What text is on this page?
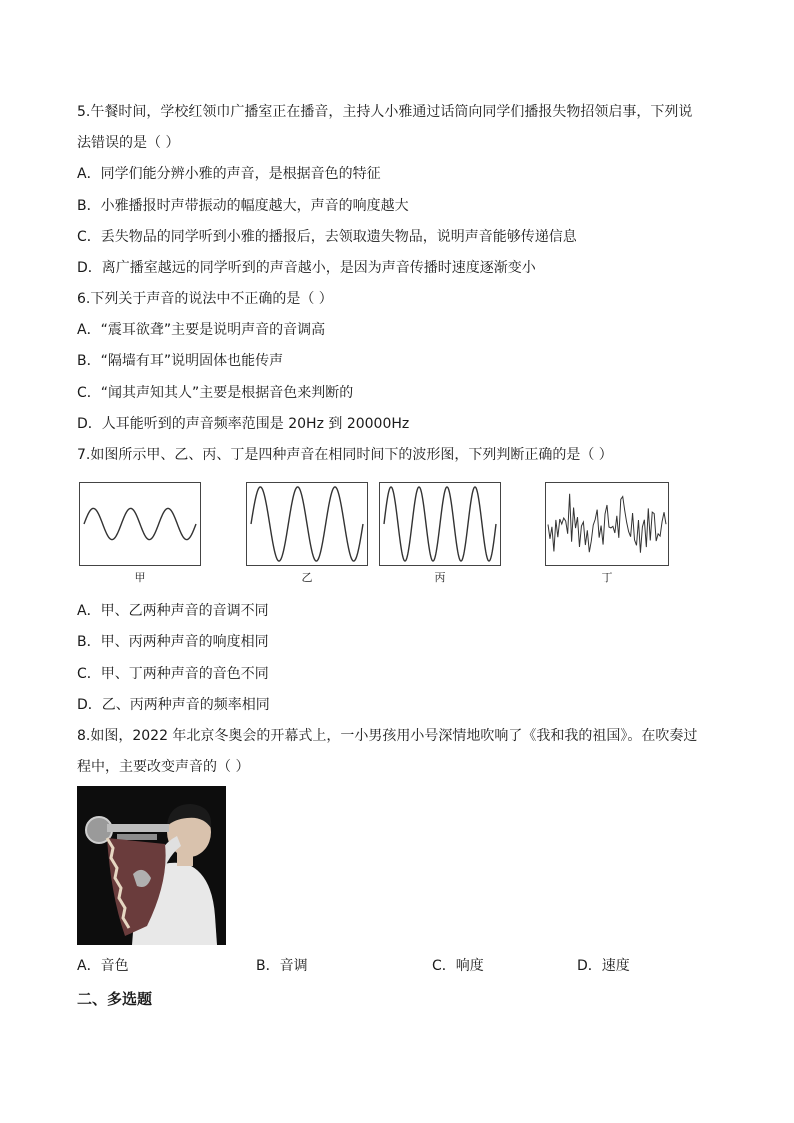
5.午餐时间，学校红领巾广播室正在播音，主持人小雅通过话筒向同学们播报失物招领启事，下列说
法错误的是（ ）
A．同学们能分辨小雅的声音，是根据音色的特征
B．小雅播报时声带振动的幅度越大，声音的响度越大
C．丢失物品的同学听到小雅的播报后，去领取遗失物品，说明声音能够传递信息
D．离广播室越远的同学听到的声音越小，是因为声音传播时速度逐渐变小
6.下列关于声音的说法中不正确的是（ ）
A．“震耳欲聋”主要是说明声音的音调高
B．“隔墙有耳”说明固体也能传声
C．“闻其声知其人”主要是根据音色来判断的
D．人耳能听到的声音频率范围是 20Hz 到 20000Hz
7.如图所示甲、乙、丙、丁是四种声音在相同时间下的波形图，下列判断正确的是（ ）
甲	乙	丙	丁
A．甲、乙两种声音的音调不同
B．甲、丙两种声音的响度相同
C．甲、丁两种声音的音色不同
D．乙、丙两种声音的频率相同
8.如图，2022 年北京冬奥会的开幕式上，一小男孩用小号深情地吹响了《我和我的祖国》。在吹奏过
程中，主要改变声音的（ ）
A．音色	B．音调	C．响度	D．速度
二、多选题
